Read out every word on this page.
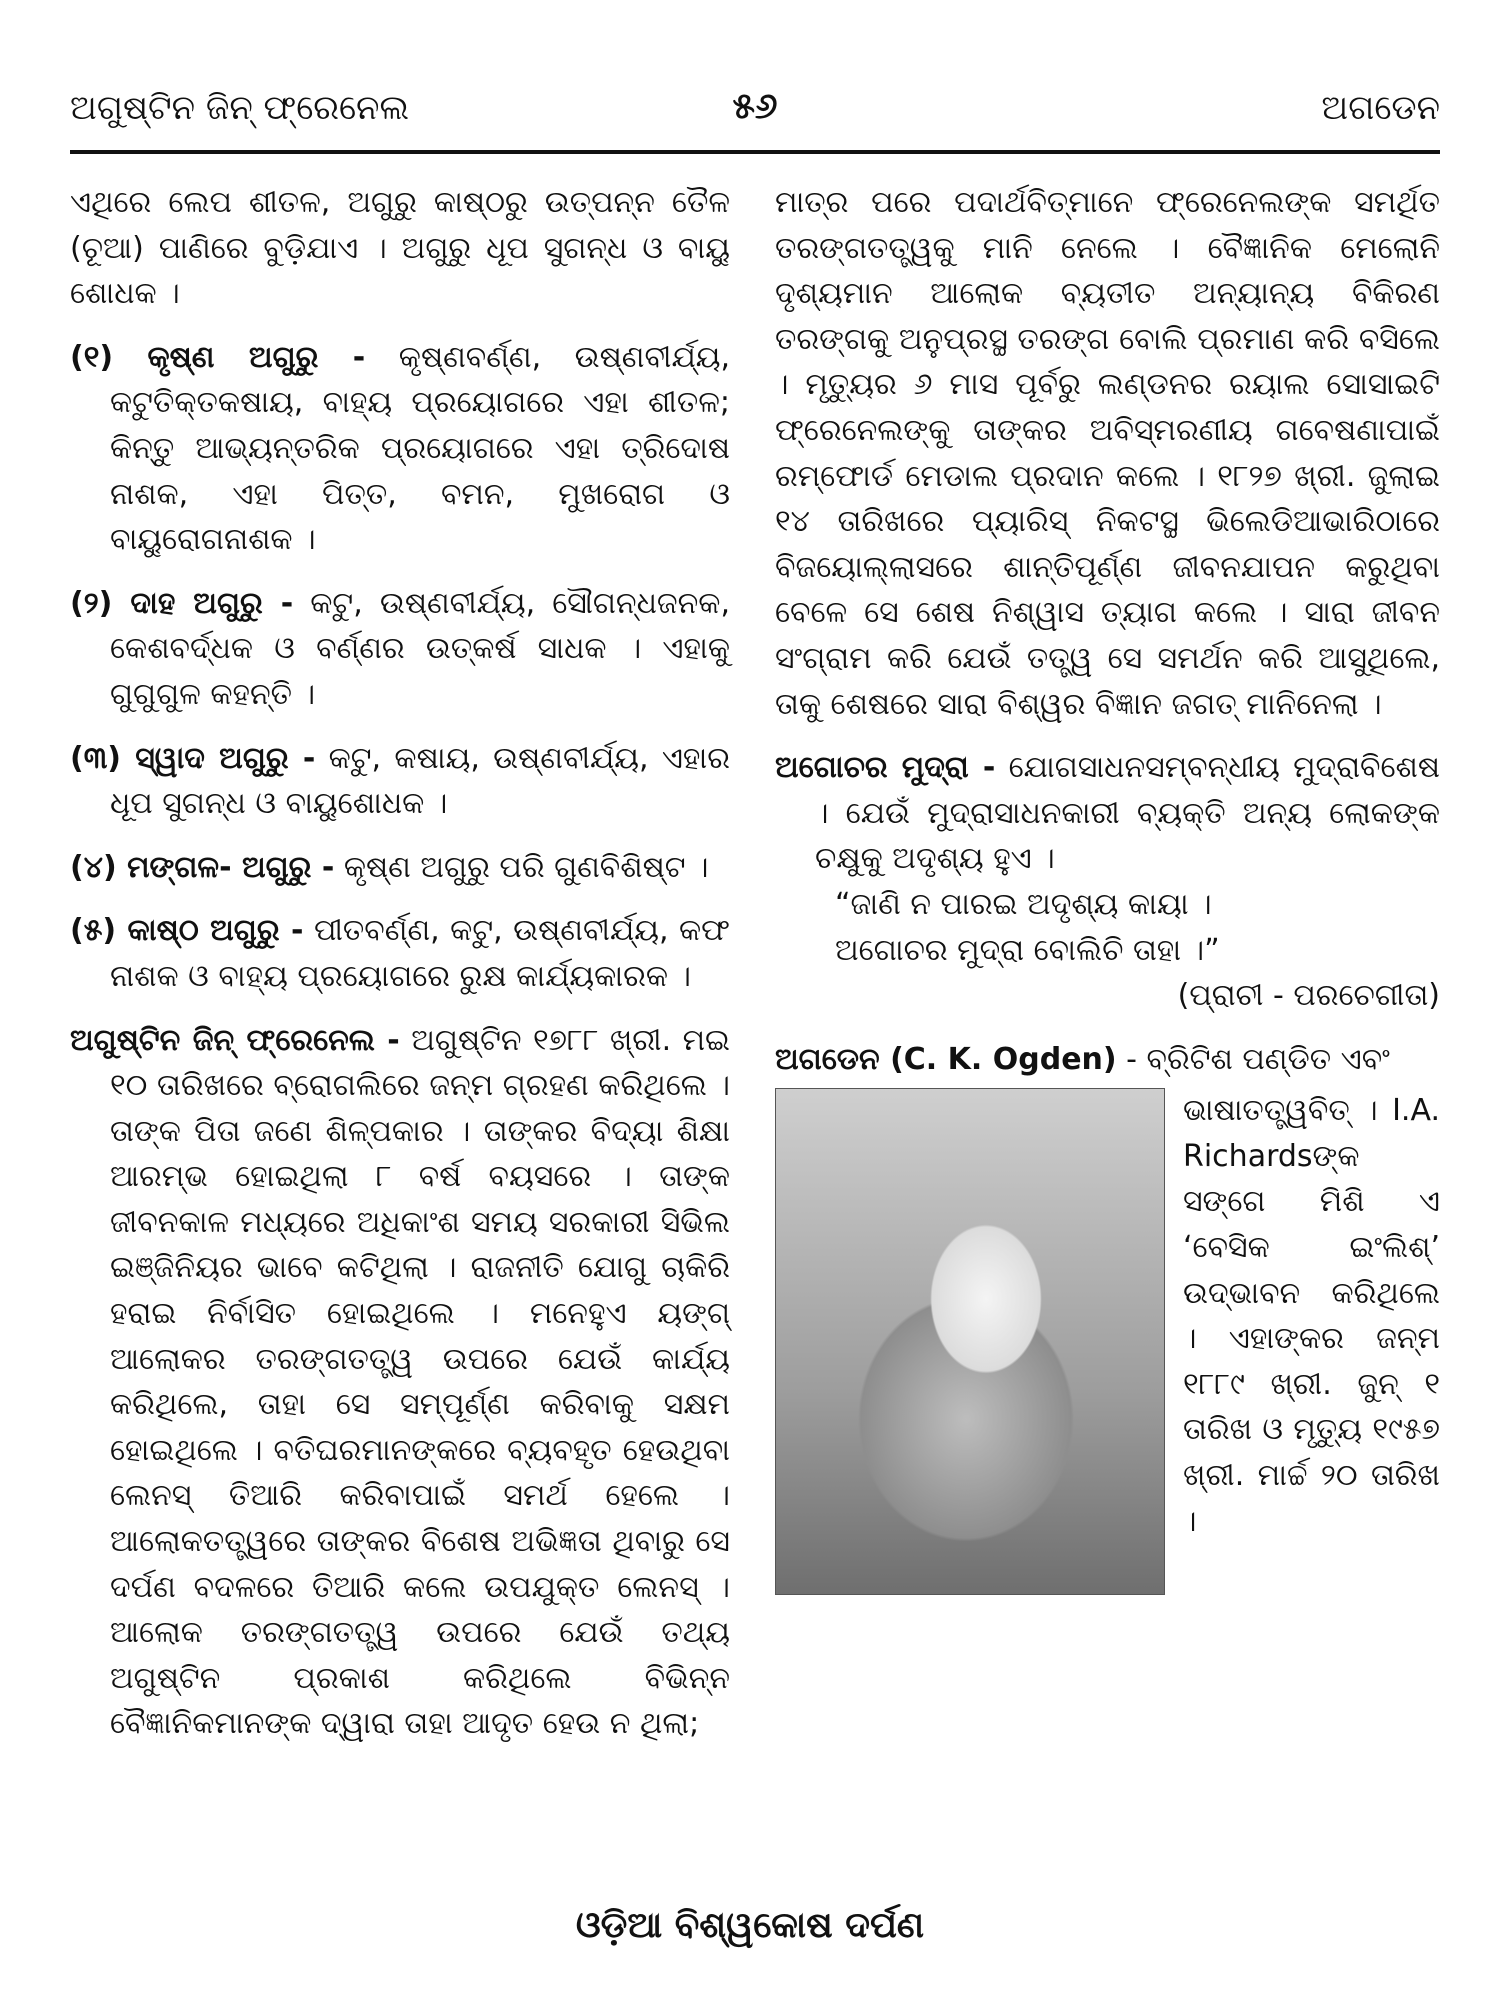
ଅଗୁଷ୍ଟିନ ଜିନ୍ ଫ୍ରେନେଲ	୫୬	ଅଗଡେନ

ଏଥିରେ ଲେପ ଶୀତଳ, ଅଗୁରୁ କାଷ୍ଠରୁ ଉତ୍ପନ୍ନ ତୈଳ (ଚୂଆ) ପାଣିରେ ବୁଡ଼ିଯାଏ । ଅଗୁରୁ ଧୂପ ସୁଗନ୍ଧ ଓ ବାୟୁ ଶୋଧକ ।

(୧) କୃଷ୍ଣ ଅଗୁରୁ - କୃଷ୍ଣବର୍ଣ୍ଣ, ଉଷ୍ଣବୀର୍ଯ୍ୟ, କଟୁତିକ୍ତକଷାୟ, ବାହ୍ୟ ପ୍ରୟୋଗରେ ଏହା ଶୀତଳ; କିନ୍ତୁ ଆଭ୍ୟନ୍ତରିକ ପ୍ରୟୋଗରେ ଏହା ତ୍ରିଦୋଷ ନାଶକ, ଏହା ପିତ୍ତ, ବମନ, ମୁଖରୋଗ ଓ ବାୟୁରୋଗନାଶକ ।

(୨) ଦାହ ଅଗୁରୁ - କଟୁ, ଉଷ୍ଣବୀର୍ଯ୍ୟ, ସୌଗନ୍ଧଜନକ, କେଶବର୍ଦ୍ଧକ ଓ ବର୍ଣ୍ଣର ଉତ୍କର୍ଷ ସାଧକ । ଏହାକୁ ଗୁଗୁଗୁଳ କହନ୍ତି ।

(୩) ସ୍ୱାଦ ଅଗୁରୁ - କଟୁ, କଷାୟ, ଉଷ୍ଣବୀର୍ଯ୍ୟ, ଏହାର ଧୂପ ସୁଗନ୍ଧ ଓ ବାୟୁଶୋଧକ ।

(୪) ମଙ୍ଗଳ- ଅଗୁରୁ - କୃଷ୍ଣ ଅଗୁରୁ ପରି ଗୁଣବିଶିଷ୍ଟ ।

(୫) କାଷ୍ଠ ଅଗୁରୁ - ପୀତବର୍ଣ୍ଣ, କଟୁ, ଉଷ୍ଣବୀର୍ଯ୍ୟ, କଫ ନାଶକ ଓ ବାହ୍ୟ ପ୍ରୟୋଗରେ ରୁକ୍ଷ କାର୍ଯ୍ୟକାରକ ।

ଅଗୁଷ୍ଟିନ ଜିନ୍ ଫ୍ରେନେଲ - ଅଗୁଷ୍ଟିନ ୧୭୮୮ ଖ୍ରୀ. ମଇ ୧୦ ତାରିଖରେ ବ୍ରୋଗଲିରେ ଜନ୍ମ ଗ୍ରହଣ କରିଥିଲେ । ତାଙ୍କ ପିତା ଜଣେ ଶିଳ୍ପକାର । ତାଙ୍କର ବିଦ୍ୟା ଶିକ୍ଷା ଆରମ୍ଭ ହୋଇଥିଲା ୮ ବର୍ଷ ବୟସରେ । ତାଙ୍କ ଜୀବନକାଳ ମଧ୍ୟରେ ଅଧିକାଂଶ ସମୟ ସରକାରୀ ସିଭିଲ ଇଞ୍ଜିନିୟର ଭାବେ କଟିଥିଲା । ରାଜନୀତି ଯୋଗୁ ଚାକିରି ହରାଇ ନିର୍ବାସିତ ହୋଇଥିଲେ । ମନେହୁଏ ୟଙ୍ଗ୍ ଆଲୋକର ତରଙ୍ଗତତ୍ତ୍ୱ ଉପରେ ଯେଉଁ କାର୍ଯ୍ୟ କରିଥିଲେ, ତାହା ସେ ସମ୍ପୂର୍ଣ୍ଣ କରିବାକୁ ସକ୍ଷମ ହୋଇଥିଲେ । ବତିଘରମାନଙ୍କରେ ବ୍ୟବହୃତ ହେଉଥିବା ଲେନସ୍ ତିଆରି କରିବାପାଇଁ ସମର୍ଥ ହେଲେ । ଆଲୋକତତ୍ତ୍ୱରେ ତାଙ୍କର ବିଶେଷ ଅଭିଜ୍ଞତା ଥିବାରୁ ସେ ଦର୍ପଣ ବଦଳରେ ତିଆରି କଲେ ଉପଯୁକ୍ତ ଲେନସ୍ । ଆଲୋକ ତରଙ୍ଗତତ୍ତ୍ୱ ଉପରେ ଯେଉଁ ତଥ୍ୟ ଅଗୁଷ୍ଟିନ ପ୍ରକାଶ କରିଥିଲେ ବିଭିନ୍ନ ବୈଜ୍ଞାନିକମାନଙ୍କ ଦ୍ୱାରା ତାହା ଆଦୃତ ହେଉ ନ ଥିଲା;

ମାତ୍ର ପରେ ପଦାର୍ଥବିତ୍‌ମାନେ ଫ୍ରେନେଲଙ୍କ ସମର୍ଥିତ ତରଙ୍ଗତତ୍ତ୍ୱକୁ ମାନି ନେଲେ । ବୈଜ୍ଞାନିକ ମେଲୋନି ଦୃଶ୍ୟମାନ ଆଲୋକ ବ୍ୟତୀତ ଅନ୍ୟାନ୍ୟ ବିକିରଣ ତରଙ୍ଗକୁ ଅନୁପ୍ରସ୍ଥ ତରଙ୍ଗ ବୋଲି ପ୍ରମାଣ କରି ବସିଲେ । ମୃତ୍ୟୁର ୬ ମାସ ପୂର୍ବରୁ ଲଣ୍ଡନର ରୟାଲ ସୋସାଇଟି ଫ୍ରେନେଲଙ୍କୁ ତାଙ୍କର ଅବିସ୍ମରଣୀୟ ଗବେଷଣାପାଇଁ ରମ୍‌ଫୋର୍ଡ ମେଡାଲ ପ୍ରଦାନ କଲେ । ୧୮୨୭ ଖ୍ରୀ. ଜୁଲାଇ ୧୪ ତାରିଖରେ ପ୍ୟାରିସ୍ ନିକଟସ୍ଥ ଭିଲେଡିଆଭାରିଠାରେ ବିଜୟୋଲ୍ଲାସରେ ଶାନ୍ତିପୂର୍ଣ୍ଣ ଜୀବନଯାପନ କରୁଥିବା ବେଳେ ସେ ଶେଷ ନିଶ୍ୱାସ ତ୍ୟାଗ କଲେ । ସାରା ଜୀବନ ସଂଗ୍ରାମ କରି ଯେଉଁ ତତ୍ତ୍ୱ ସେ ସମର୍ଥନ କରି ଆସୁଥିଲେ, ତାକୁ ଶେଷରେ ସାରା ବିଶ୍ୱର ବିଜ୍ଞାନ ଜଗତ୍ ମାନିନେଲା ।

ଅଗୋଚର ମୁଦ୍ରା - ଯୋଗସାଧନସମ୍ବନ୍ଧୀୟ ମୁଦ୍ରାବିଶେଷ । ଯେଉଁ ମୁଦ୍ରାସାଧନକାରୀ ବ୍ୟକ୍ତି ଅନ୍ୟ ଲୋକଙ୍କ ଚକ୍ଷୁକୁ ଅଦୃଶ୍ୟ ହୁଏ ।

“ଜାଣି ନ ପାରଇ ଅଦୃଶ୍ୟ କାୟା ।

ଅଗୋଚର ମୁଦ୍ରା ବୋଲିଚି ତାହା ।”

(ପ୍ରାଚୀ - ପରଚେଗୀତା)

ଅଗଡେନ (C. K. Ogden) - ବ୍ରିଟିଶ ପଣ୍ଡିତ ଏବଂ

ଭାଷାତତ୍ତ୍ୱବିତ୍ । I.A. Richardsଙ୍କ ସଙ୍ଗେ ମିଶି ଏ ‘ବେସିକ ଇଂଲିଶ୍’ ଉଦ୍ଭାବନ କରିଥିଲେ । ଏହାଙ୍କର ଜନ୍ମ ୧୮୮୯ ଖ୍ରୀ. ଜୁନ୍ ୧ ତାରିଖ ଓ ମୃତ୍ୟୁ ୧୯୫୭ ଖ୍ରୀ. ମାର୍ଚ୍ଚ ୨୦ ତାରିଖ ।

ଓଡ଼ିଆ ବିଶ୍ୱକୋଷ ଦର୍ପଣ
